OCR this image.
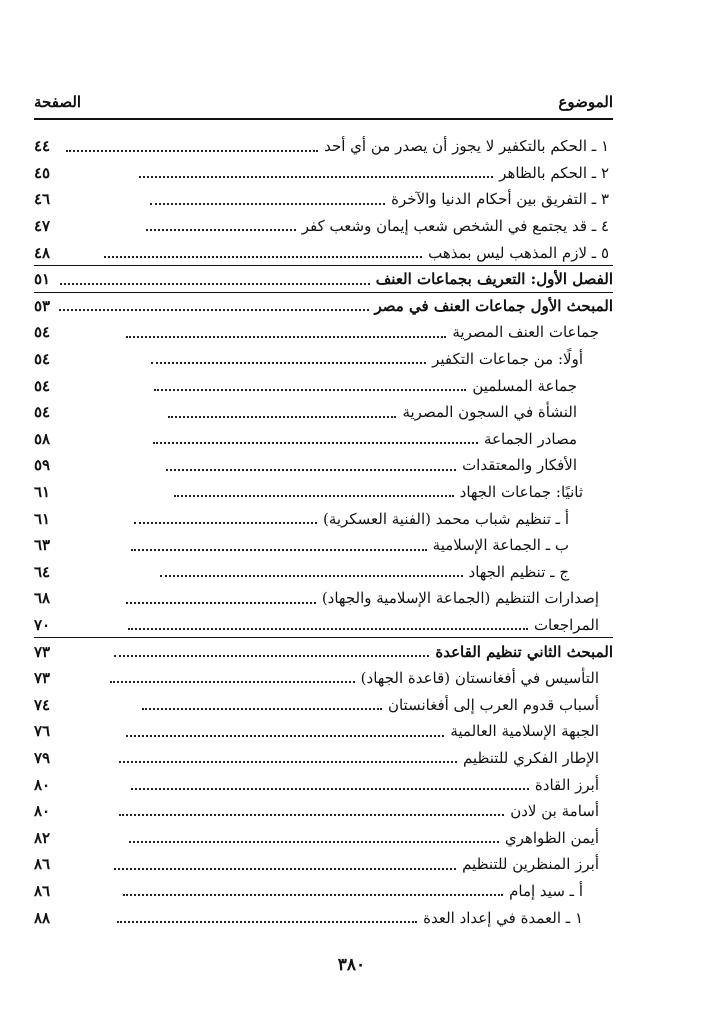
الصفحة	الموضوع
١ ـ الحكم بالتكفير لا يجوز أن يصدر من أي أحد
٤٤
٢ ـ الحكم بالظاهر
٤٥
٣ ـ التفريق بين أحكام الدنيا والآخرة
٤٦
٤ ـ قد يجتمع في الشخص شعب إيمان وشعب كفر
٤٧
٥ ـ لازم المذهب ليس بمذهب
٤٨
الفصل الأول: التعريف بجماعات العنف
٥١
المبحث الأول جماعات العنف في مصر
٥٣
جماعات العنف المصرية
٥٤
أولًا: من جماعات التكفير
٥٤
جماعة المسلمين
٥٤
النشأة في السجون المصرية
٥٤
مصادر الجماعة
٥٨
الأفكار والمعتقدات
٥٩
ثانيًا: جماعات الجهاد
٦١
أ ـ تنظيم شباب محمد (الفنية العسكرية)
٦١
ب ـ الجماعة الإسلامية
٦٣
ج ـ تنظيم الجهاد
٦٤
إصدارات التنظيم (الجماعة الإسلامية والجهاد)
٦٨
المراجعات
٧٠
المبحث الثاني تنظيم القاعدة
٧٣
التأسيس في أفغانستان (قاعدة الجهاد)
٧٣
أسباب قدوم العرب إلى أفغانستان
٧٤
الجبهة الإسلامية العالمية
٧٦
الإطار الفكري للتنظيم
٧٩
أبرز القادة
٨٠
أسامة بن لادن
٨٠
أيمن الظواهري
٨٢
أبرز المنظرين للتنظيم
٨٦
أ ـ سيد إمام
٨٦
١ ـ العمدة في إعداد العدة
٨٨
٣٨٠
